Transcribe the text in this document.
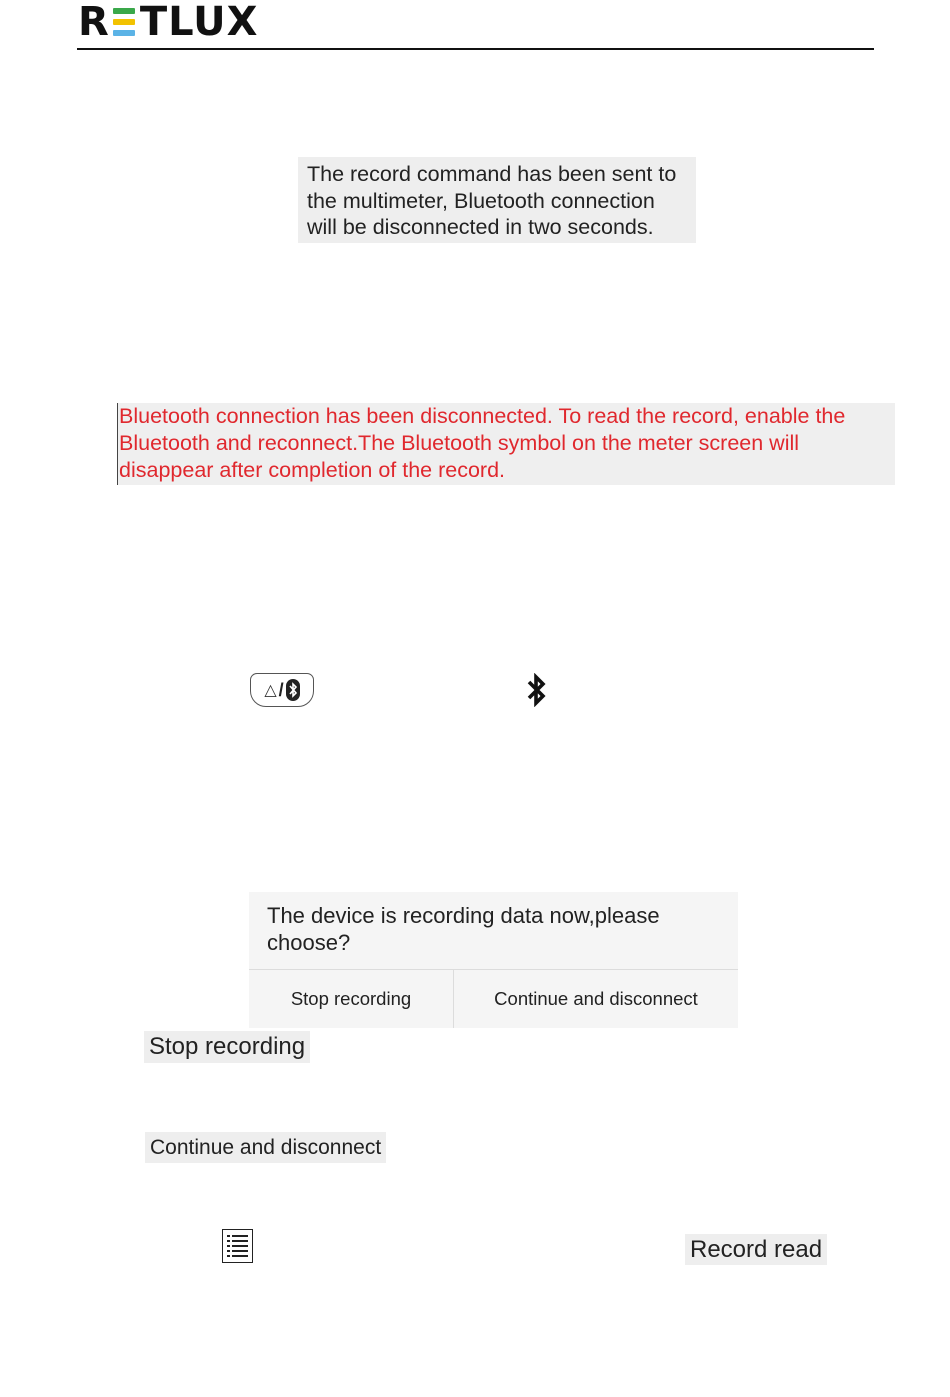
R TLUX
The record command has been sent to the multimeter, Bluetooth connection will be disconnected in two seconds.
Bluetooth connection has been disconnected. To read the record, enable the Bluetooth and reconnect.The Bluetooth symbol on the meter screen will disappear after completion of the record.
△ /
The device is recording data now,please choose?
Stop recording	Continue and disconnect
Stop recording
Continue and disconnect
Record read
